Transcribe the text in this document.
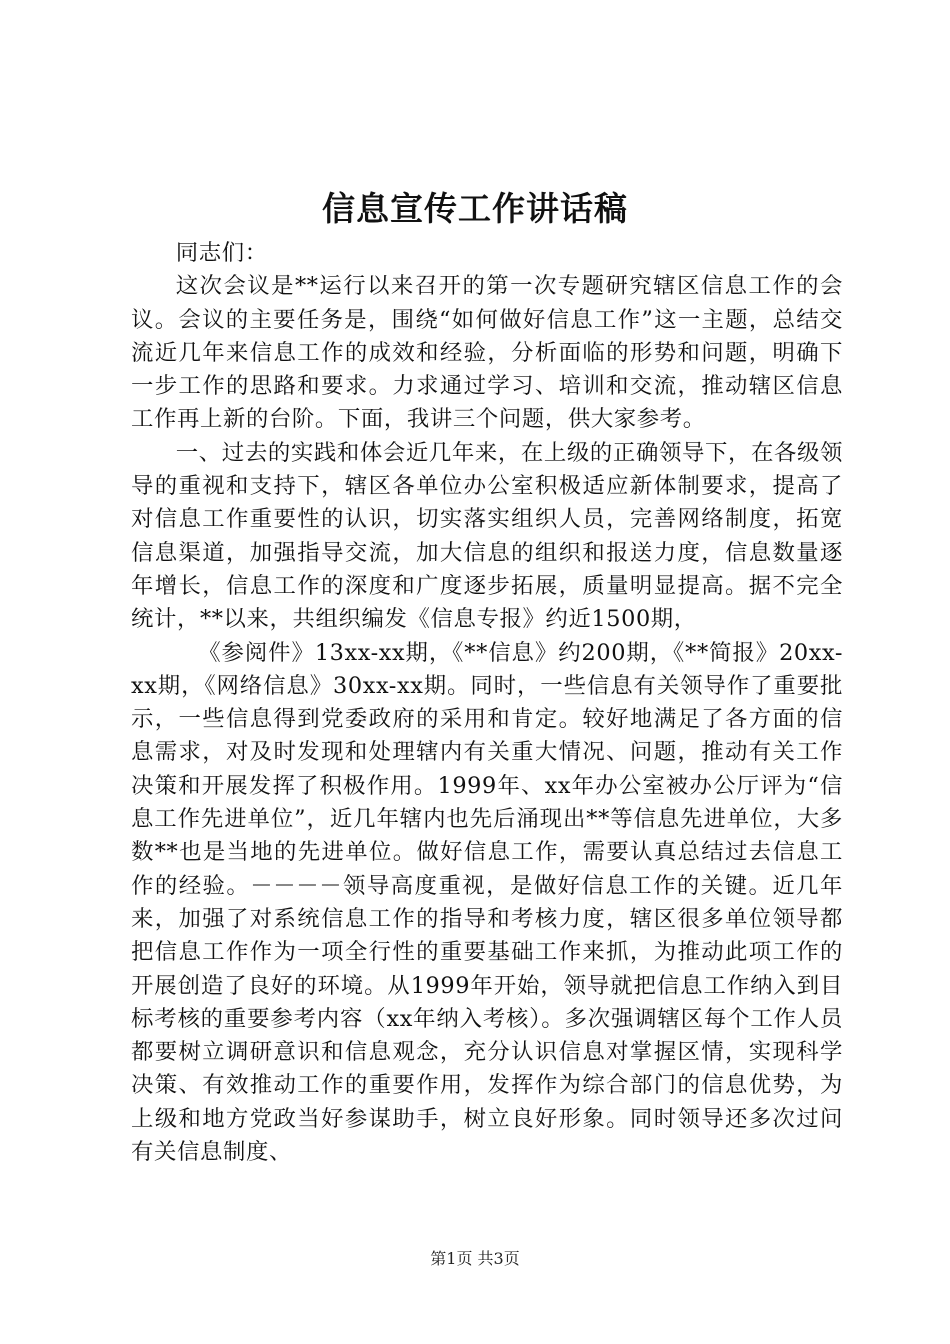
信息宣传工作讲话稿

同志们：

这次会议是**运行以来召开的第一次专题研究辖区信息工作的会议。会议的主要任务是，围绕“如何做好信息工作”这一主题，总结交流近几年来信息工作的成效和经验，分析面临的形势和问题，明确下一步工作的思路和要求。力求通过学习、培训和交流，推动辖区信息工作再上新的台阶。下面，我讲三个问题，供大家参考。

一、过去的实践和体会近几年来，在上级的正确领导下，在各级领导的重视和支持下，辖区各单位办公室积极适应新体制要求，提高了对信息工作重要性的认识，切实落实组织人员，完善网络制度，拓宽信息渠道，加强指导交流，加大信息的组织和报送力度，信息数量逐年增长，信息工作的深度和广度逐步拓展，质量明显提高。据不完全统计，**以来，共组织编发《信息专报》约近1500期，

《参阅件》13xx-xx期，《**信息》约200期，《**简报》20xx-xx期，《网络信息》30xx-xx期。同时，一些信息有关领导作了重要批示，一些信息得到党委政府的采用和肯定。较好地满足了各方面的信息需求，对及时发现和处理辖内有关重大情况、问题，推动有关工作决策和开展发挥了积极作用。1999年、xx年办公室被办公厅评为“信息工作先进单位”，近几年辖内也先后涌现出**等信息先进单位，大多数**也是当地的先进单位。做好信息工作，需要认真总结过去信息工作的经验。－－－－领导高度重视，是做好信息工作的关键。近几年来，加强了对系统信息工作的指导和考核力度，辖区很多单位领导都把信息工作作为一项全行性的重要基础工作来抓，为推动此项工作的开展创造了良好的环境。从1999年开始，领导就把信息工作纳入到目标考核的重要参考内容（xx年纳入考核）。多次强调辖区每个工作人员都要树立调研意识和信息观念，充分认识信息对掌握区情，实现科学决策、有效推动工作的重要作用，发挥作为综合部门的信息优势，为上级和地方党政当好参谋助手，树立良好形象。同时领导还多次过问有关信息制度、

第1页 共3页
